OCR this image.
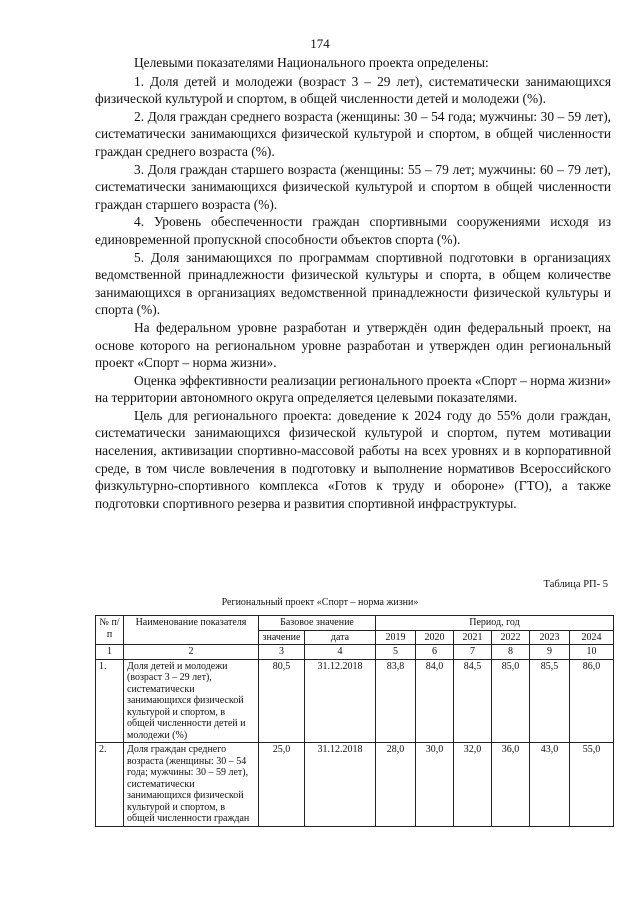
174

Целевыми показателями Национального проекта определены:

1. Доля детей и молодежи (возраст 3 – 29 лет), систематически занимающихся физической культурой и спортом, в общей численности детей и молодежи (%).

2. Доля граждан среднего возраста (женщины: 30 – 54 года; мужчины: 30 – 59 лет), систематически занимающихся физической культурой и спортом, в общей численности граждан среднего возраста (%).

3. Доля граждан старшего возраста (женщины: 55 – 79 лет; мужчины: 60 – 79 лет), систематически занимающихся физической культурой и спортом в общей численности граждан старшего возраста (%).

4. Уровень обеспеченности граждан спортивными сооружениями исходя из единовременной пропускной способности объектов спорта (%).

5. Доля занимающихся по программам спортивной подготовки в организациях ведомственной принадлежности физической культуры и спорта, в общем количестве занимающихся в организациях ведомственной принадлежности физической культуры и спорта (%).

На федеральном уровне разработан и утверждён один федеральный проект, на основе которого на региональном уровне разработан и утвержден один региональный проект «Спорт – норма жизни».

Оценка эффективности реализации регионального проекта «Спорт – норма жизни» на территории автономного округа определяется целевыми показателями.

Цель для регионального проекта: доведение к 2024 году до 55% доли граждан, систематически занимающихся физической культурой и спортом, путем мотивации населения, активизации спортивно-массовой работы на всех уровнях и в корпоративной среде, в том числе вовлечения в подготовку и выполнение нормативов Всероссийского физкультурно-спортивного комплекса «Готов к труду и обороне» (ГТО), а также подготовки спортивного резерва и развития спортивной инфраструктуры.

Таблица РП- 5
Региональный проект «Спорт – норма жизни»
№ п/п	Наименование показателя	Базовое значение		Период, год					
		значение	дата	2019	2020	2021	2022	2023	2024
1	2	3	4	5	6	7	8	9	10
1.	Доля детей и молодежи (возраст 3 – 29 лет), систематически занимающихся физической культурой и спортом, в общей численности детей и молодежи (%)	80,5	31.12.2018	83,8	84,0	84,5	85,0	85,5	86,0
2.	Доля граждан среднего возраста (женщины: 30 – 54 года; мужчины: 30 – 59 лет), систематически занимающихся физической культурой и спортом, в общей численности граждан	25,0	31.12.2018	28,0	30,0	32,0	36,0	43,0	55,0
